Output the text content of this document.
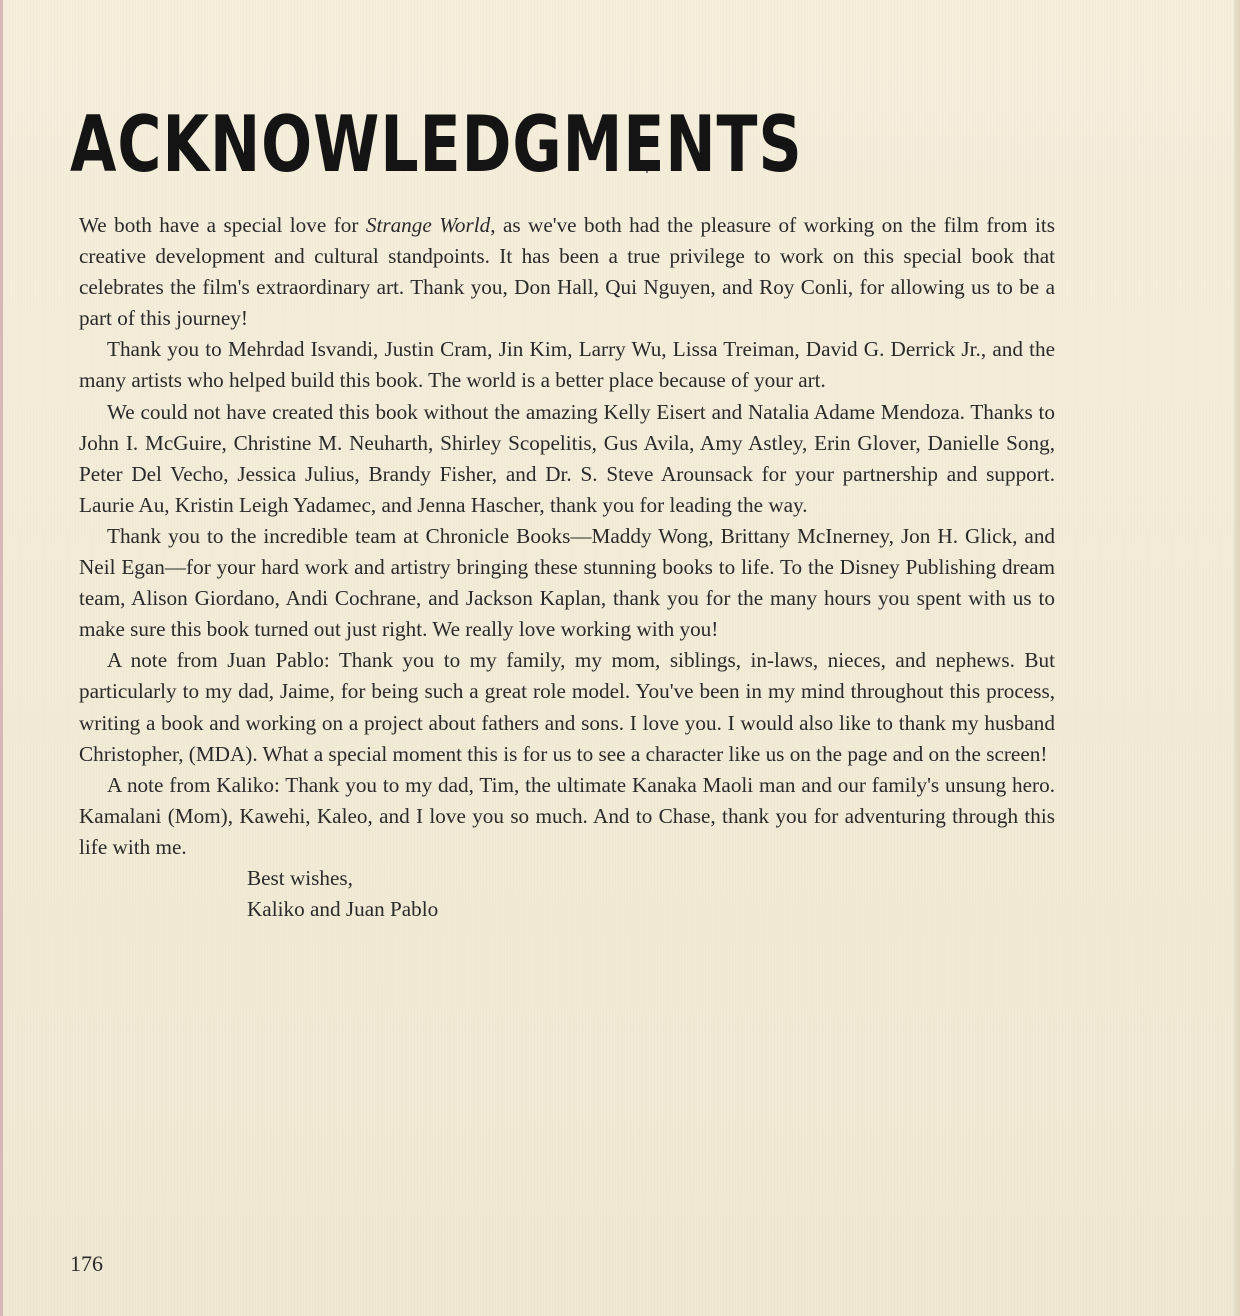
ACKNOWLEDGMENTS

We both have a special love for Strange World, as we've both had the pleasure of working on the film from its creative development and cultural standpoints. It has been a true privilege to work on this special book that celebrates the film's extraordinary art. Thank you, Don Hall, Qui Nguyen, and Roy Conli, for allowing us to be a part of this journey!

Thank you to Mehrdad Isvandi, Justin Cram, Jin Kim, Larry Wu, Lissa Treiman, David G. Derrick Jr., and the many artists who helped build this book. The world is a better place because of your art.

We could not have created this book without the amazing Kelly Eisert and Natalia Adame Mendoza. Thanks to John I. McGuire, Christine M. Neuharth, Shirley Scopelitis, Gus Avila, Amy Astley, Erin Glover, Danielle Song, Peter Del Vecho, Jessica Julius, Brandy Fisher, and Dr. S. Steve Arounsack for your partnership and support. Laurie Au, Kristin Leigh Yadamec, and Jenna Hascher, thank you for leading the way.

Thank you to the incredible team at Chronicle Books—Maddy Wong, Brittany McInerney, Jon H. Glick, and Neil Egan—for your hard work and artistry bringing these stunning books to life. To the Disney Publishing dream team, Alison Giordano, Andi Cochrane, and Jackson Kaplan, thank you for the many hours you spent with us to make sure this book turned out just right. We really love working with you!

A note from Juan Pablo: Thank you to my family, my mom, siblings, in-laws, nieces, and nephews. But particularly to my dad, Jaime, for being such a great role model. You've been in my mind throughout this process, writing a book and working on a project about fathers and sons. I love you. I would also like to thank my husband Christopher, (MDA). What a special moment this is for us to see a character like us on the page and on the screen!

A note from Kaliko: Thank you to my dad, Tim, the ultimate Kanaka Maoli man and our family's unsung hero. Kamalani (Mom), Kawehi, Kaleo, and I love you so much. And to Chase, thank you for adventuring through this life with me.

Best wishes,
Kaliko and Juan Pablo
176
